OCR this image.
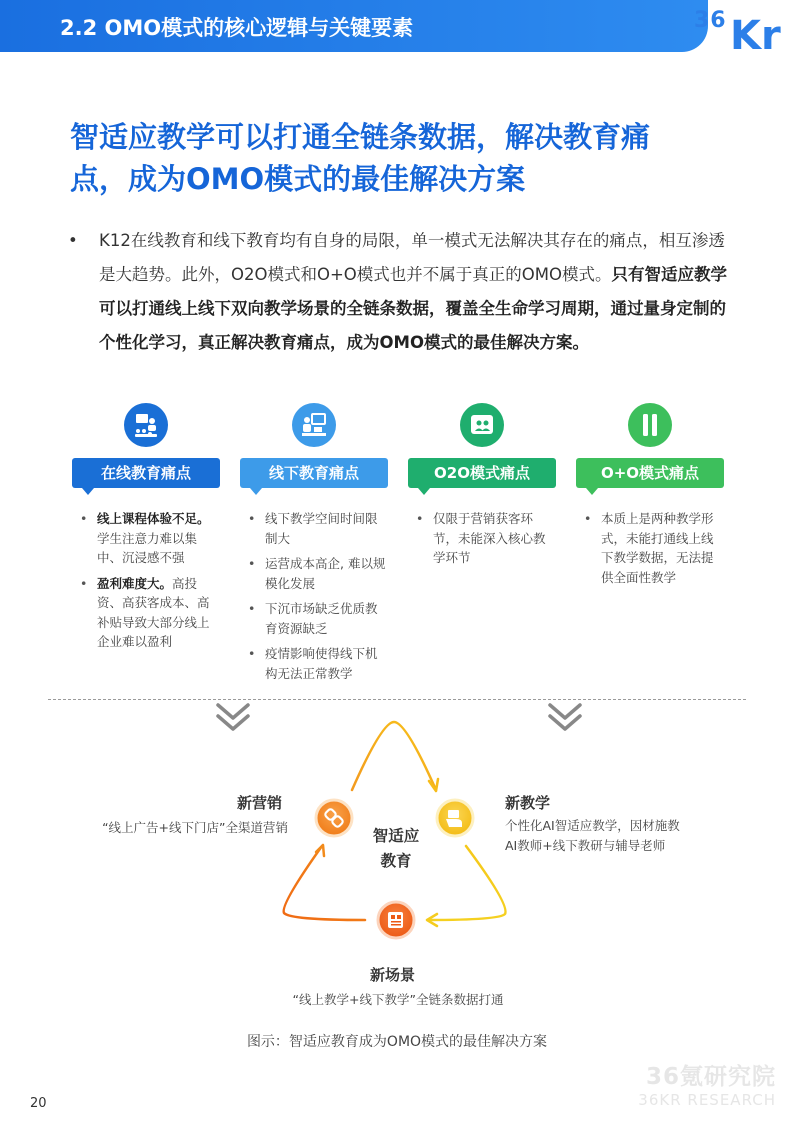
2.2 OMO模式的核心逻辑与关键要素	36 Kr
智适应教学可以打通全链条数据，解决教育痛
点，成为OMO模式的最佳解决方案
• K12在线教育和线下教育均有自身的局限，单一模式无法解决其存在的痛点，相互渗透是大趋势。此外，O2O模式和O+O模式也并不属于真正的OMO模式。只有智适应教学可以打通线上线下双向教学场景的全链条数据，覆盖全生命学习周期，通过量身定制的个性化学习，真正解决教育痛点，成为OMO模式的最佳解决方案。
在线教育痛点
• 线上课程体验不足。学生注意力难以集中、沉浸感不强
• 盈利难度大。高投资、高获客成本、高补贴导致大部分线上企业难以盈利
线下教育痛点
• 线下教学空间时间限制大
• 运营成本高企, 难以规模化发展
• 下沉市场缺乏优质教育资源缺乏
• 疫情影响使得线下机构无法正常教学
O2O模式痛点
• 仅限于营销获客环节，未能深入核心教学环节
O+O模式痛点
• 本质上是两种教学形式，未能打通线上线下教学数据，无法提供全面性教学
智适应教育
新营销
“线上广告+线下门店”全渠道营销
新教学
个性化AI智适应教学，因材施教
AI教师+线下教研与辅导老师
新场景
“线上教学+线下教学”全链条数据打通
图示：智适应教育成为OMO模式的最佳解决方案
36氪研究院
36KR RESEARCH
20
